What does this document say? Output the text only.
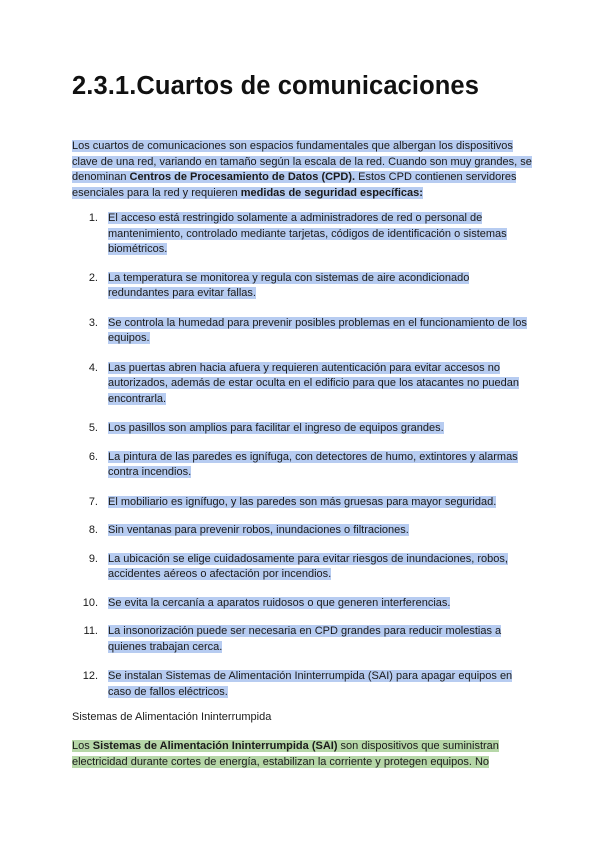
2.3.1.Cuartos de comunicaciones

Los cuartos de comunicaciones son espacios fundamentales que albergan los dispositivos clave de una red, variando en tamaño según la escala de la red. Cuando son muy grandes, se denominan Centros de Procesamiento de Datos (CPD). Estos CPD contienen servidores esenciales para la red y requieren medidas de seguridad específicas:

1. El acceso está restringido solamente a administradores de red o personal de mantenimiento, controlado mediante tarjetas, códigos de identificación o sistemas biométricos.
2. La temperatura se monitorea y regula con sistemas de aire acondicionado redundantes para evitar fallas.
3. Se controla la humedad para prevenir posibles problemas en el funcionamiento de los equipos.
4. Las puertas abren hacia afuera y requieren autenticación para evitar accesos no autorizados, además de estar oculta en el edificio para que los atacantes no puedan encontrarla.
5. Los pasillos son amplios para facilitar el ingreso de equipos grandes.
6. La pintura de las paredes es ignífuga, con detectores de humo, extintores y alarmas contra incendios.
7. El mobiliario es ignífugo, y las paredes son más gruesas para mayor seguridad.
8. Sin ventanas para prevenir robos, inundaciones o filtraciones.
9. La ubicación se elige cuidadosamente para evitar riesgos de inundaciones, robos, accidentes aéreos o afectación por incendios.
10. Se evita la cercanía a aparatos ruidosos o que generen interferencias.
11. La insonorización puede ser necesaria en CPD grandes para reducir molestias a quienes trabajan cerca.
12. Se instalan Sistemas de Alimentación Ininterrumpida (SAI) para apagar equipos en caso de fallos eléctricos.

Sistemas de Alimentación Ininterrumpida

Los Sistemas de Alimentación Ininterrumpida (SAI) son dispositivos que suministran electricidad durante cortes de energía, estabilizan la corriente y protegen equipos. No
